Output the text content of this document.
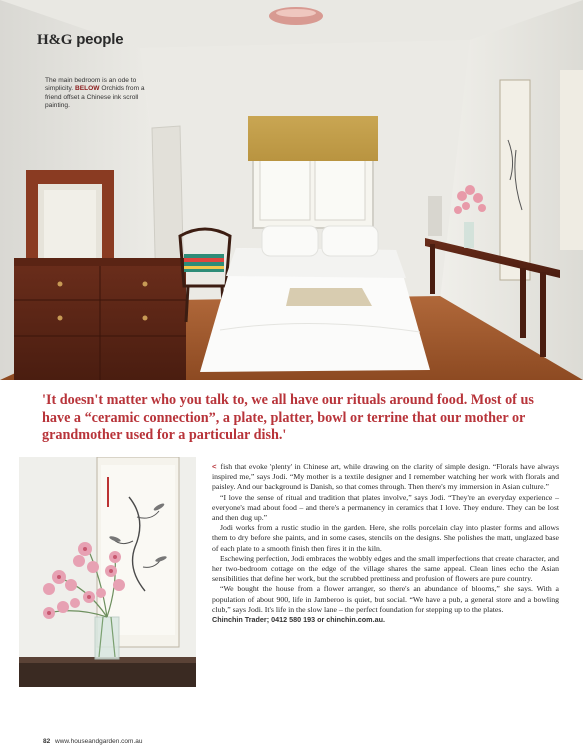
H&G people
The main bedroom is an ode to simplicity. BELOW Orchids from a friend offset a Chinese ink scroll painting.
'It doesn't matter who you talk to, we all have our rituals around food. Most of us have a “ceramic connection”, a plate, platter, bowl or terrine that our mother or grandmother used for a particular dish.'

< fish that evoke 'plenty' in Chinese art, while drawing on the clarity of simple design. “Florals have always inspired me,” says Jodi. “My mother is a textile designer and I remember watching her work with florals and paisley. And our background is Danish, so that comes through. Then there's my immersion in Asian culture.”

“I love the sense of ritual and tradition that plates involve,” says Jodi. “They're an everyday experience – everyone's mad about food – and there's a permanency in ceramics that I love. They endure. They can be lost and then dug up.”

Jodi works from a rustic studio in the garden. Here, she rolls porcelain clay into plaster forms and allows them to dry before she paints, and in some cases, stencils on the designs. She polishes the matt, unglazed base of each plate to a smooth finish then fires it in the kiln.

Eschewing perfection, Jodi embraces the wobbly edges and the small imperfections that create character, and her two-bedroom cottage on the edge of the village shares the same appeal. Clean lines echo the Asian sensibilities that define her work, but the scrubbed prettiness and profusion of flowers are pure country.

“We bought the house from a flower arranger, so there's an abundance of blooms,” she says. With a population of about 900, life in Jamberoo is quiet, but social. “We have a pub, a general store and a bowling club,” says Jodi. It's life in the slow lane – the perfect foundation for stepping up to the plates.

Chinchin Trader; 0412 580 193 or chinchin.com.au.

82 www.houseandgarden.com.au
